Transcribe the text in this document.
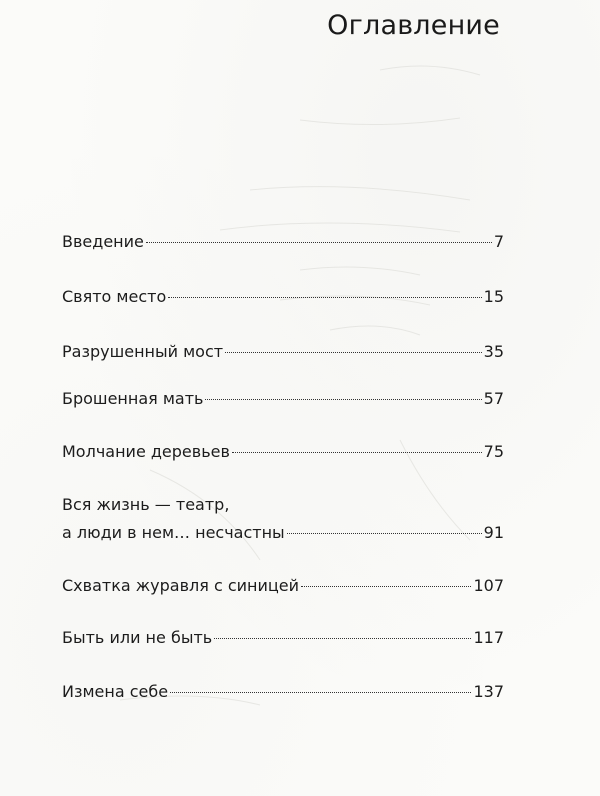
Оглавление
Введение	7
Свято место	15
Разрушенный мост	35
Брошенная мать	57
Молчание деревьев	75
Вся жизнь — театр,
а люди в нем… несчастны	91
Схватка журавля с синицей	107
Быть или не быть	117
Измена себе	137
